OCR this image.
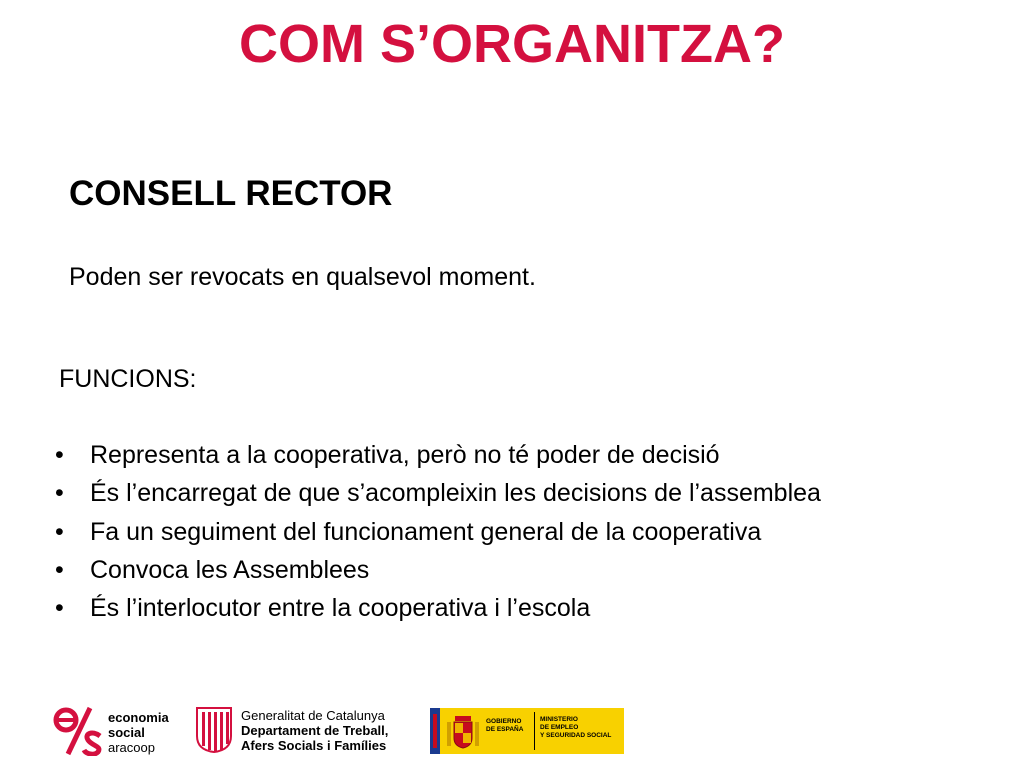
COM S’ORGANITZA?
CONSELL RECTOR

Poden ser revocats en qualsevol moment.

FUNCIONS:

• Representa a la cooperativa, però no té poder de decisió
• És l’encarregat de que s’acompleixin les decisions de l’assemblea
• Fa un seguiment del funcionament general de la cooperativa
• Convoca les Assemblees
• És l’interlocutor entre la cooperativa i l’escola
economia
social
aracoop
Generalitat de Catalunya
Departament de Treball,
Afers Socials i Famílies
GOBIERNO
DE ESPAÑA
MINISTERIO
DE EMPLEO
Y SEGURIDAD SOCIAL
